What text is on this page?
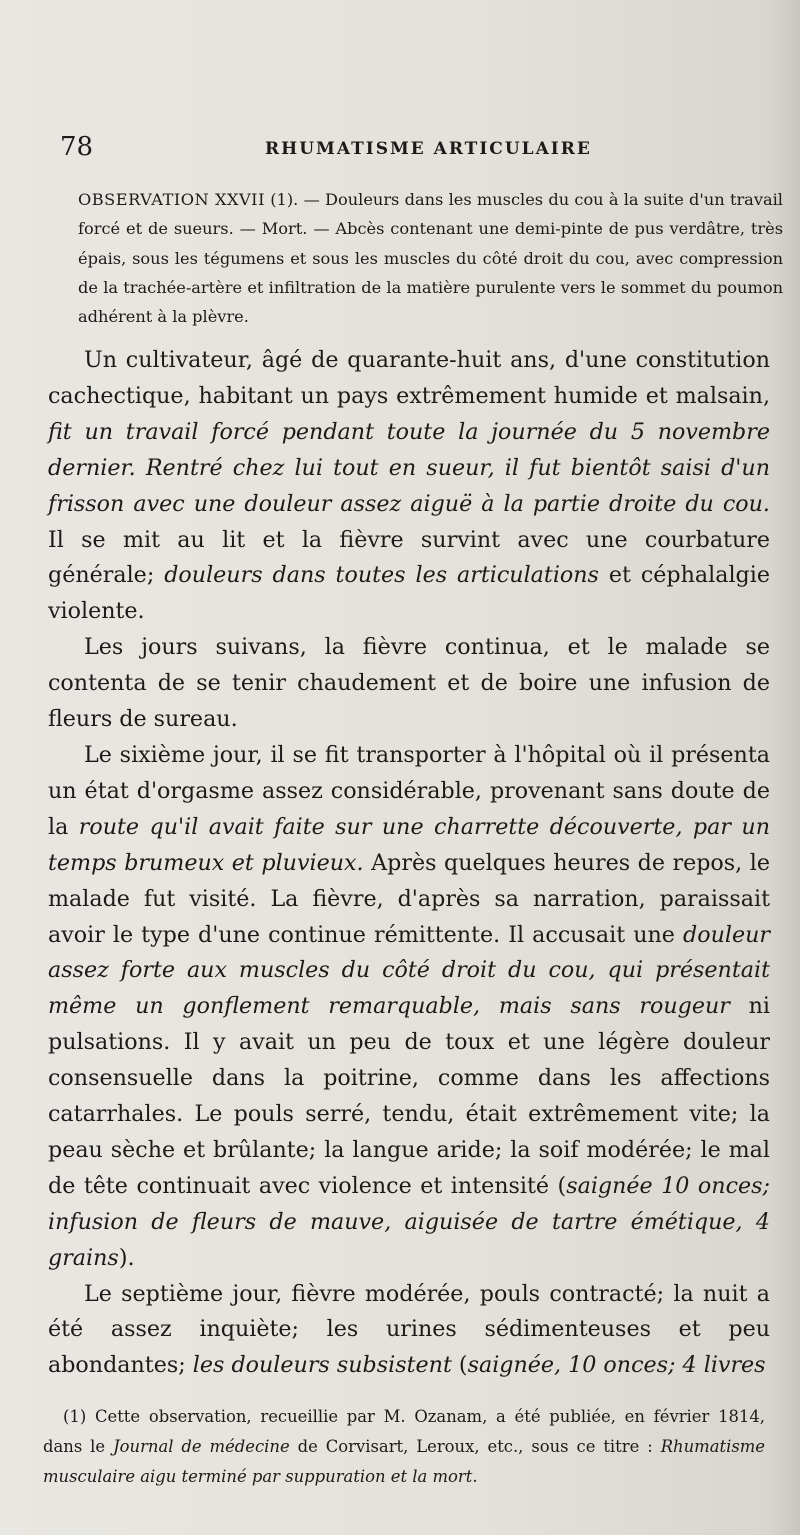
78	RHUMATISME ARTICULAIRE
OBSERVATION XXVII (1). — Douleurs dans les muscles du cou à la suite d'un travail forcé et de sueurs. — Mort. — Abcès contenant une demi-pinte de pus verdâtre, très épais, sous les tégumens et sous les muscles du côté droit du cou, avec compression de la trachée-artère et infiltration de la matière purulente vers le sommet du poumon adhérent à la plèvre.

Un cultivateur, âgé de quarante-huit ans, d'une constitution cachectique, habitant un pays extrêmement humide et malsain, fit un travail forcé pendant toute la journée du 5 novembre dernier. Rentré chez lui tout en sueur, il fut bientôt saisi d'un frisson avec une douleur assez aiguë à la partie droite du cou. Il se mit au lit et la fièvre survint avec une courbature générale; douleurs dans toutes les articulations et céphalalgie violente.

Les jours suivans, la fièvre continua, et le malade se contenta de se tenir chaudement et de boire une infusion de fleurs de sureau.

Le sixième jour, il se fit transporter à l'hôpital où il présenta un état d'orgasme assez considérable, provenant sans doute de la route qu'il avait faite sur une charrette découverte, par un temps brumeux et pluvieux. Après quelques heures de repos, le malade fut visité. La fièvre, d'après sa narration, paraissait avoir le type d'une continue rémittente. Il accusait une douleur assez forte aux muscles du côté droit du cou, qui présentait même un gonflement remarquable, mais sans rougeur ni pulsations. Il y avait un peu de toux et une légère douleur consensuelle dans la poitrine, comme dans les affections catarrhales. Le pouls serré, tendu, était extrêmement vite; la peau sèche et brûlante; la langue aride; la soif modérée; le mal de tête continuait avec violence et intensité (saignée 10 onces; infusion de fleurs de mauve, aiguisée de tartre émétique, 4 grains).

Le septième jour, fièvre modérée, pouls contracté; la nuit a été assez inquiète; les urines sédimenteuses et peu abondantes; les douleurs subsistent (saignée, 10 onces; 4 livres

(1) Cette observation, recueillie par M. Ozanam, a été publiée, en février 1814, dans le Journal de médecine de Corvisart, Leroux, etc., sous ce titre : Rhumatisme musculaire aigu terminé par suppuration et la mort.
